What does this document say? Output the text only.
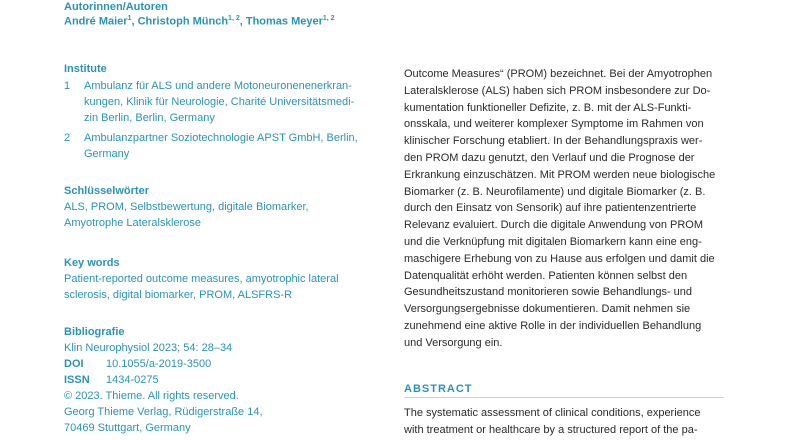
Autorinnen/Autoren
André Maier$^1$, Christoph Münch$^{1, 2}$, Thomas Meyer$^{1, 2}$
Institute
1 Ambulanz für ALS und andere Motoneuronenenerkran-
kungen, Klinik für Neurologie, Charité Universitätsmedi-
zin Berlin, Berlin, Germany
2 Ambulanzpartner Soziotechnologie APST GmbH, Berlin,
Germany
Schlüsselwörter
ALS, PROM, Selbstbewertung, digitale Biomarker,
Amyotrophe Lateralsklerose
Key words
Patient-reported outcome measures, amyotrophic lateral
sclerosis, digital biomarker, PROM, ALSFRS-R
Bibliografie
Klin Neurophysiol 2023; 54: 28–34
DOI 10.1055/a-2019-3500
ISSN 1434-0275
© 2023. Thieme. All rights reserved.
Georg Thieme Verlag, Rüdigerstraße 14,
70469 Stuttgart, Germany
Outcome Measures“ (PROM) bezeichnet. Bei der Amyotrophen
Lateralsklerose (ALS) haben sich PROM insbesondere zur Do-
kumentation funktioneller Defizite, z. B. mit der ALS-Funkti-
onsskala, und weiterer komplexer Symptome im Rahmen von
klinischer Forschung etabliert. In der Behandlungspraxis wer-
den PROM dazu genutzt, den Verlauf und die Prognose der
Erkrankung einzuschätzen. Mit PROM werden neue biologische
Biomarker (z. B. Neurofilamente) und digitale Biomarker (z. B.
durch den Einsatz von Sensorik) auf ihre patientenzentrierte
Relevanz evaluiert. Durch die digitale Anwendung von PROM
und die Verknüpfung mit digitalen Biomarkern kann eine eng-
maschigere Erhebung von zu Hause aus erfolgen und damit die
Datenqualität erhöht werden. Patienten können selbst den
Gesundheitszustand monitorieren sowie Behandlungs- und
Versorgungsergebnisse dokumentieren. Damit nehmen sie
zunehmend eine aktive Rolle in der individuellen Behandlung
und Versorgung ein.
ABSTRACT
The systematic assessment of clinical conditions, experience
with treatment or healthcare by a structured report of the pa-
